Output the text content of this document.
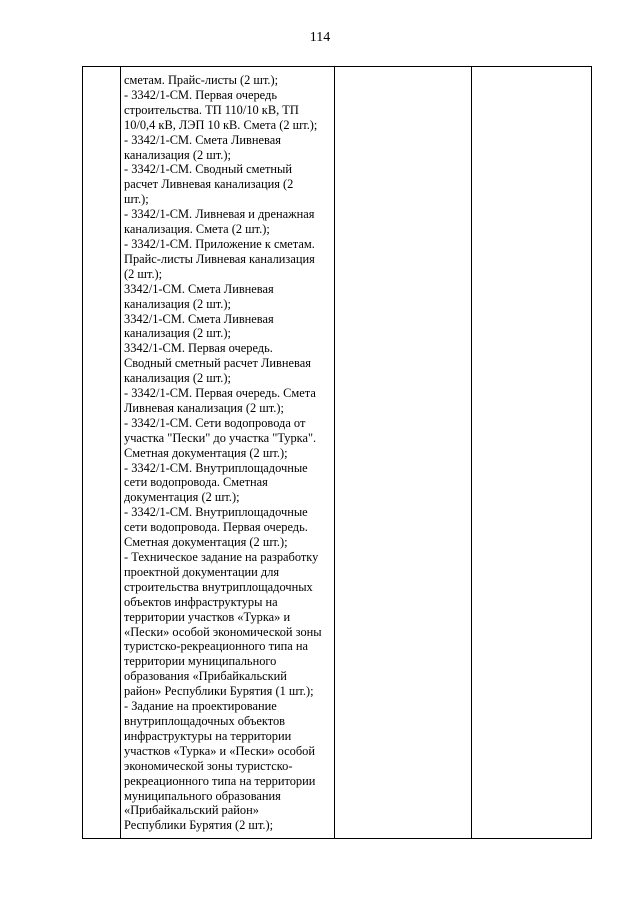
114

сметам. Прайс-листы (2 шт.);
- 3342/1-СМ. Первая очередь
строительства. ТП 110/10 кВ, ТП
10/0,4 кВ, ЛЭП 10 кВ. Смета (2 шт.);
- 3342/1-СМ. Смета Ливневая
канализация (2 шт.);
- 3342/1-СМ. Сводный сметный
расчет Ливневая канализация (2
шт.);
- 3342/1-СМ. Ливневая и дренажная
канализация. Смета (2 шт.);
- 3342/1-СМ. Приложение к сметам.
Прайс-листы Ливневая канализация
(2 шт.);
3342/1-СМ. Смета Ливневая
канализация (2 шт.);
3342/1-СМ. Смета Ливневая
канализация (2 шт.);
3342/1-СМ. Первая очередь.
Сводный сметный расчет Ливневая
канализация (2 шт.);
- 3342/1-СМ. Первая очередь. Смета
Ливневая канализация (2 шт.);
- 3342/1-СМ. Сети водопровода от
участка "Пески" до участка "Турка".
Сметная документация (2 шт.);
- 3342/1-СМ. Внутриплощадочные
сети водопровода. Сметная
документация (2 шт.);
- 3342/1-СМ. Внутриплощадочные
сети водопровода. Первая очередь.
Сметная документация (2 шт.);
- Техническое задание на разработку
проектной документации для
строительства внутриплощадочных
объектов инфраструктуры на
территории участков «Турка» и
«Пески» особой экономической зоны
туристско-рекреационного типа на
территории муниципального
образования «Прибайкальский
район» Республики Бурятия (1 шт.);
- Задание на проектирование
внутриплощадочных объектов
инфраструктуры на территории
участков «Турка» и «Пески» особой
экономической зоны туристско-
рекреационного типа на территории
муниципального образования
«Прибайкальский район»
Республики Бурятия (2 шт.);
